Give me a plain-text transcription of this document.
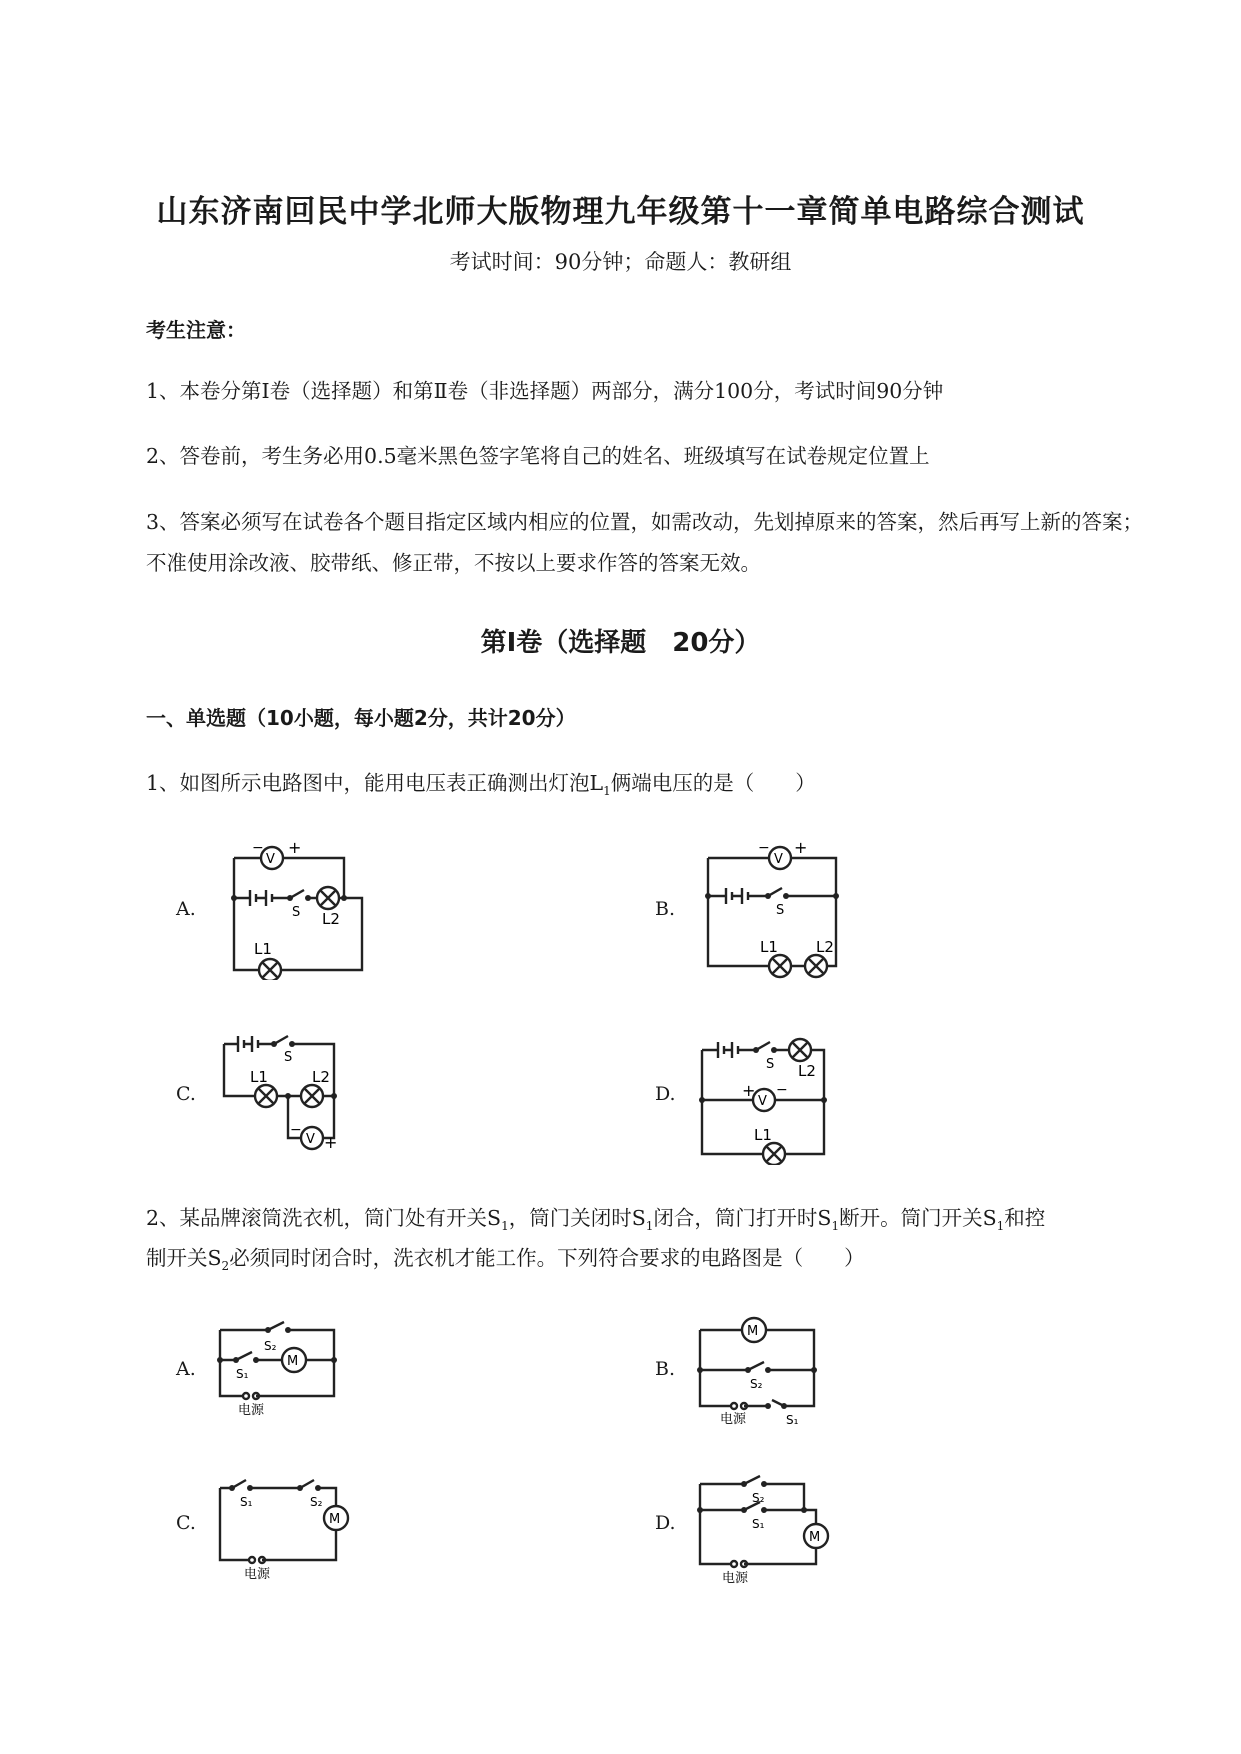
山东济南回民中学北师大版物理九年级第十一章简单电路综合测试
考试时间：90分钟；命题人：教研组
考生注意：
1、本卷分第Ⅰ卷（选择题）和第Ⅱ卷（非选择题）两部分，满分100分，考试时间90分钟
2、答卷前，考生务必用0.5毫米黑色签字笔将自己的姓名、班级填写在试卷规定位置上
3、答案必须写在试卷各个题目指定区域内相应的位置，如需改动，先划掉原来的答案，然后再写上新的答案；不准使用涂改液、胶带纸、修正带，不按以上要求作答的答案无效。
第Ⅰ卷（选择题　20分）
一、单选题（10小题，每小题2分，共计20分）
1、如图所示电路图中，能用电压表正确测出灯泡$L_1$俩端电压的是（　　）
A.	B.
C.	D.
V
− +
S L2
L1
V
− +
S
L1	L2
S
L1	L2
V
−
+
S L2
V
+ −
L1
2、某品牌滚筒洗衣机，筒门处有开关$S_1$，筒门关闭时$S_1$闭合，筒门打开时$S_1$断开。筒门开关$S_1$和控
制开关$S_2$必须同时闭合时，洗衣机才能工作。下列符合要求的电路图是（　　）
A.	B.
C.	D.
S₂
S₁
M
电源
M
S₂
S₁
电源
S₁	S₂
M
电源
S₂
S₁
M
电源
